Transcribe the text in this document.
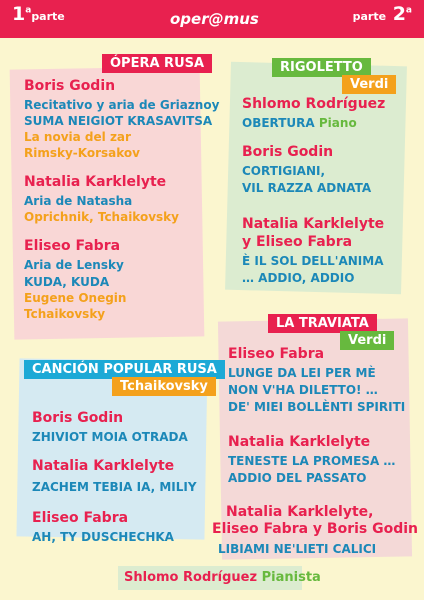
1$^a$parte	oper@mus	parte 2$^a$
ÓPERA RUSA	RIGOLETTO
Verdi
CANCIÓN POPULAR RUSA
Tchaikovsky
LA TRAVIATA
Verdi
Boris Godin
Recitativo y aria de Griaznoy
SUMA NEIGIOT KRASAVITSA
La novia del zar
Rimsky-Korsakov
Natalia Karklelyte
Aria de Natasha
Oprichnik, Tchaikovsky
Eliseo Fabra
Aria de Lensky
KUDA, KUDA
Eugene Onegin
Tchaikovsky
Shlomo Rodríguez
OBERTURA Piano
Boris Godin
CORTIGIANI,
VIL RAZZA ADNATA
Natalia Karklelyte
y Eliseo Fabra
È IL SOL DELL'ANIMA
… ADDIO, ADDIO
Boris Godin
ZHIVIOT MOIA OTRADA
Natalia Karklelyte
ZACHEM TEBIA IA, MILIY
Eliseo Fabra
AH, TY DUSCHECHKA
Eliseo Fabra
LUNGE DA LEI PER MÈ
NON V'HA DILETTO! …
DE' MIEI BOLLÈNTI SPIRITI
Natalia Karklelyte
TENESTE LA PROMESA …
ADDIO DEL PASSATO
Natalia Karklelyte,
Eliseo Fabra y Boris Godin
LIBIAMI NE'LIETI CALICI
Shlomo Rodríguez Pianista
